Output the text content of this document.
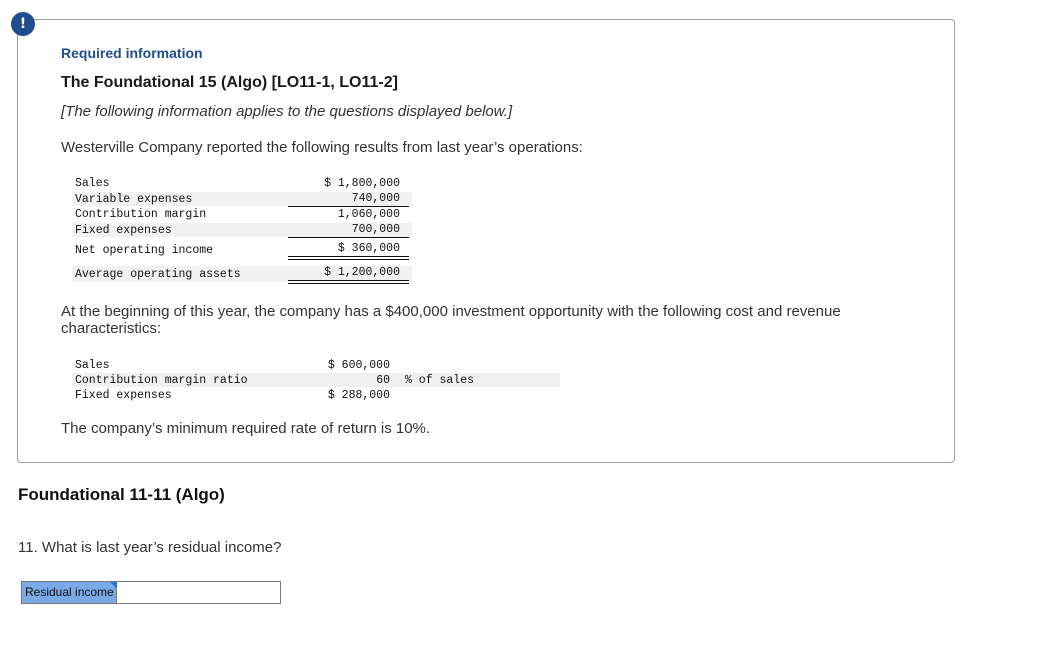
!
Required information
The Foundational 15 (Algo) [LO11-1, LO11-2]
[The following information applies to the questions displayed below.]
Westerville Company reported the following results from last year’s operations:
Sales	$ 1,800,000
Variable expenses	740,000
Contribution margin	1,060,000
Fixed expenses	700,000
Net operating income	$ 360,000
Average operating assets	$ 1,200,000
At the beginning of this year, the company has a $400,000 investment opportunity with the following cost and revenue characteristics:
Sales	$ 600,000
Contribution margin ratio	60 % of sales
Fixed expenses	$ 288,000
The company’s minimum required rate of return is 10%.
Foundational 11-11 (Algo)
11. What is last year’s residual income?
Residual income
